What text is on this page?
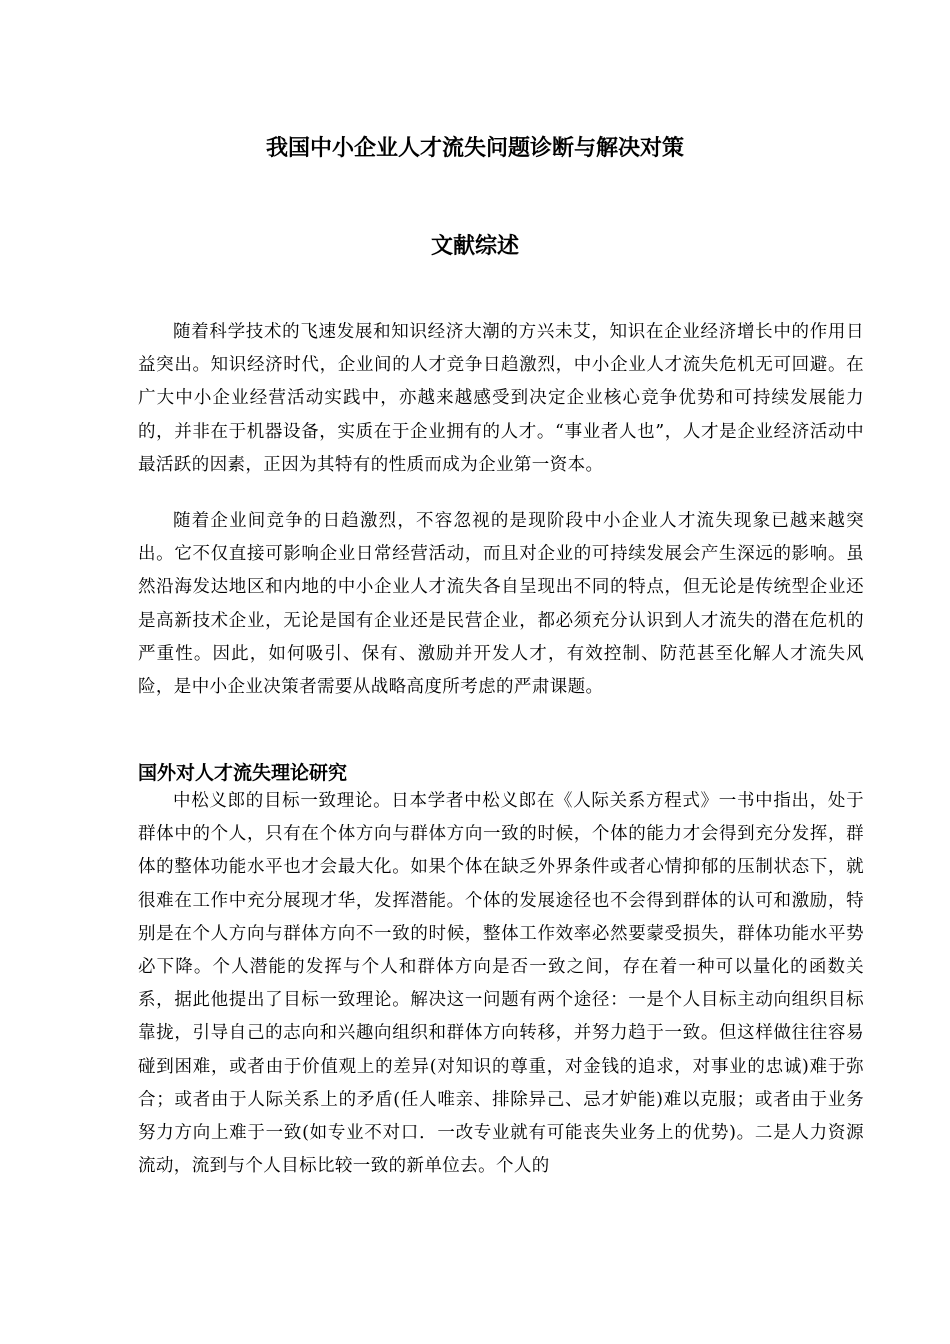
我国中小企业人才流失问题诊断与解决对策
文献综述

随着科学技术的飞速发展和知识经济大潮的方兴未艾，知识在企业经济增长中的作用日益突出。知识经济时代，企业间的人才竞争日趋激烈，中小企业人才流失危机无可回避。在广大中小企业经营活动实践中，亦越来越感受到决定企业核心竞争优势和可持续发展能力的，并非在于机器设备，实质在于企业拥有的人才。“事业者人也”，人才是企业经济活动中最活跃的因素，正因为其特有的性质而成为企业第一资本。

随着企业间竞争的日趋激烈，不容忽视的是现阶段中小企业人才流失现象已越来越突出。它不仅直接可影响企业日常经营活动，而且对企业的可持续发展会产生深远的影响。虽然沿海发达地区和内地的中小企业人才流失各自呈现出不同的特点，但无论是传统型企业还是高新技术企业，无论是国有企业还是民营企业，都必须充分认识到人才流失的潜在危机的严重性。因此，如何吸引、保有、激励并开发人才，有效控制、防范甚至化解人才流失风险，是中小企业决策者需要从战略高度所考虑的严肃课题。

国外对人才流失理论研究

中松义郎的目标一致理论。日本学者中松义郎在《人际关系方程式》一书中指出，处于群体中的个人，只有在个体方向与群体方向一致的时候，个体的能力才会得到充分发挥，群体的整体功能水平也才会最大化。如果个体在缺乏外界条件或者心情抑郁的压制状态下，就很难在工作中充分展现才华，发挥潜能。个体的发展途径也不会得到群体的认可和激励，特别是在个人方向与群体方向不一致的时候，整体工作效率必然要蒙受损失，群体功能水平势必下降。个人潜能的发挥与个人和群体方向是否一致之间，存在着一种可以量化的函数关系，据此他提出了目标一致理论。解决这一问题有两个途径：一是个人目标主动向组织目标靠拢，引导自己的志向和兴趣向组织和群体方向转移，并努力趋于一致。但这样做往往容易碰到困难，或者由于价值观上的差异(对知识的尊重，对金钱的追求，对事业的忠诚)难于弥合；或者由于人际关系上的矛盾(任人唯亲、排除异己、忌才妒能)难以克服；或者由于业务努力方向上难于一致(如专业不对口．一改专业就有可能丧失业务上的优势)。二是人力资源流动，流到与个人目标比较一致的新单位去。个人的
